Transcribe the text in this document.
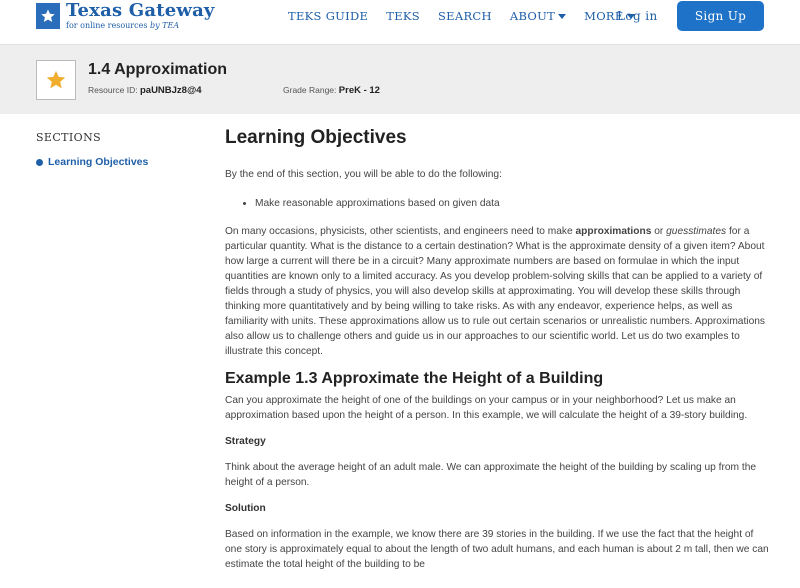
Texas Gateway
for online resources by TEA
TEKS GUIDE TEKS SEARCH ABOUT	MORE
Log in	Sign Up
1.4 Approximation
Resource ID: paUNBJz8@4	Grade Range: PreK - 12
SECTIONS
Learning Objectives
Learning Objectives

By the end of this section, you will be able to do the following:

• Make reasonable approximations based on given data

On many occasions, physicists, other scientists, and engineers need to make approximations or guesstimates for a particular quantity. What is the distance to a certain destination? What is the approximate density of a given item? About how large a current will there be in a circuit? Many approximate numbers are based on formulae in which the input quantities are known only to a limited accuracy. As you develop problem-solving skills that can be applied to a variety of fields through a study of physics, you will also develop skills at approximating. You will develop these skills through thinking more quantitatively and by being willing to take risks. As with any endeavor, experience helps, as well as familiarity with units. These approximations allow us to rule out certain scenarios or unrealistic numbers. Approximations also allow us to challenge others and guide us in our approaches to our scientific world. Let us do two examples to illustrate this concept.

Example 1.3 Approximate the Height of a Building

Can you approximate the height of one of the buildings on your campus or in your neighborhood? Let us make an approximation based upon the height of a person. In this example, we will calculate the height of a 39-story building.

Strategy

Think about the average height of an adult male. We can approximate the height of the building by scaling up from the height of a person.

Solution

Based on information in the example, we know there are 39 stories in the building. If we use the fact that the height of one story is approximately equal to about the length of two adult humans, and each human is about 2 m tall, then we can estimate the total height of the building to be
